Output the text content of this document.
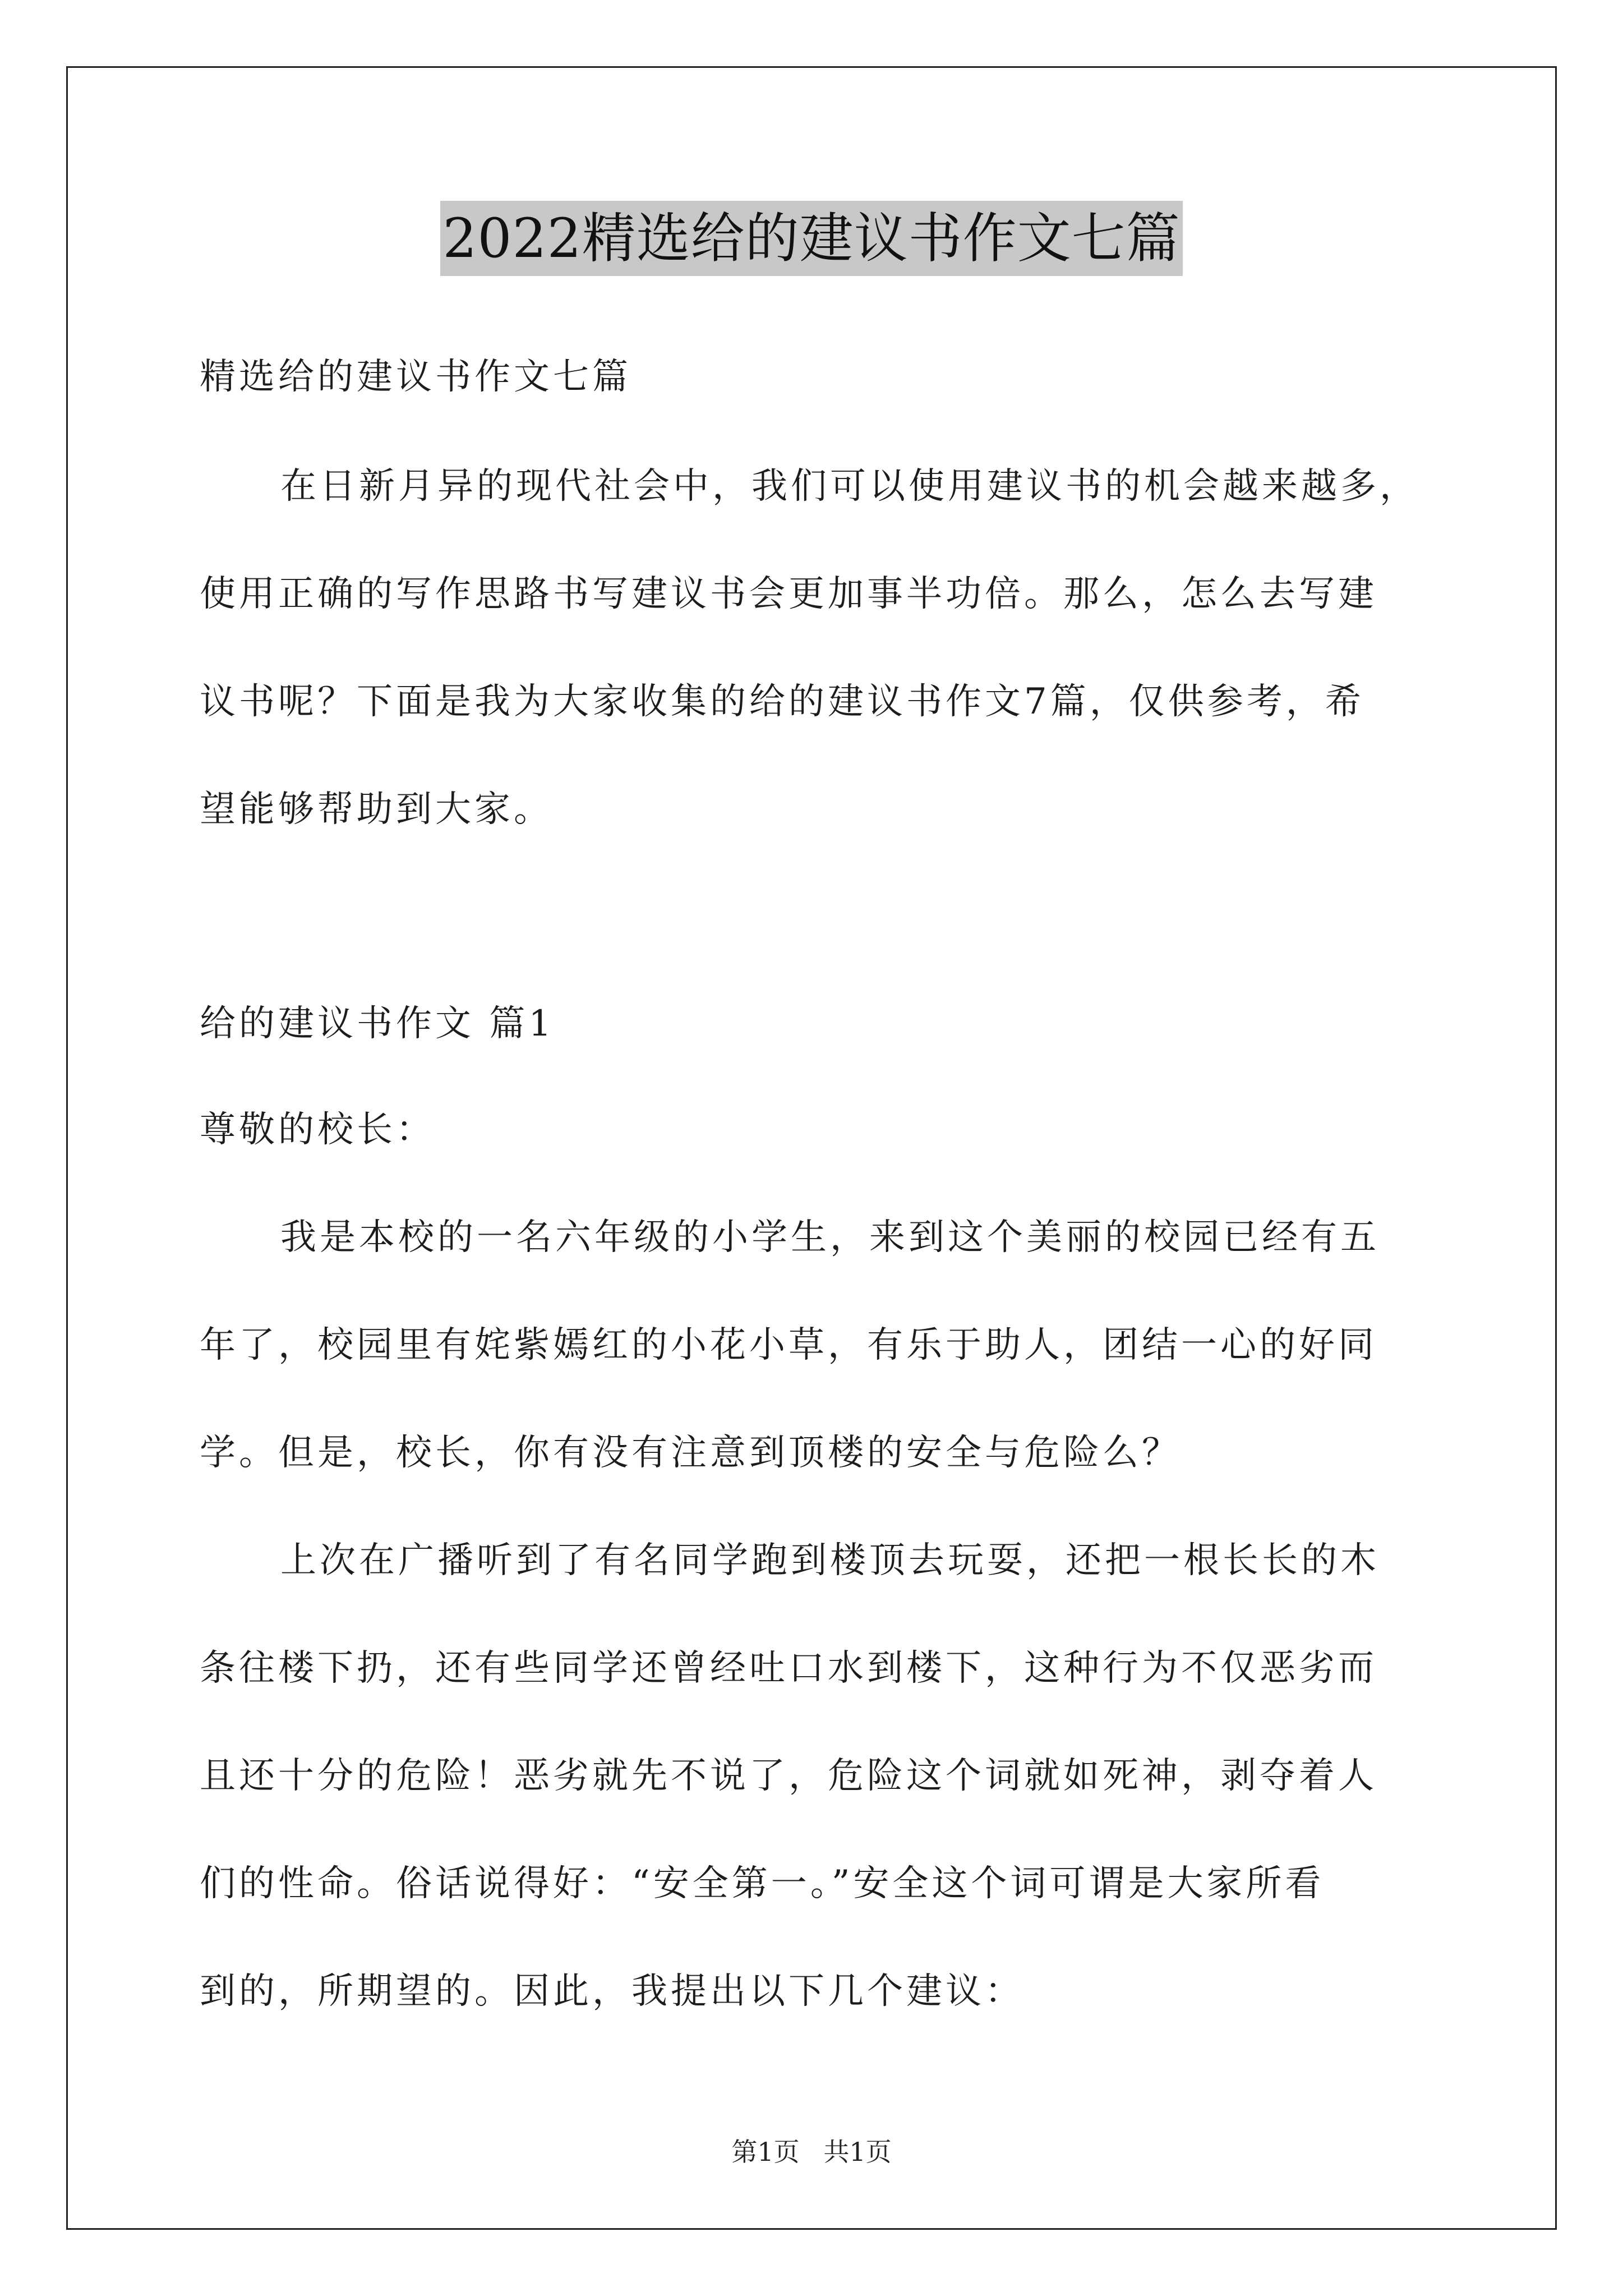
2022精选给的建议书作文七篇
精选给的建议书作文七篇
在日新月异的现代社会中，我们可以使用建议书的机会越来越多，
使用正确的写作思路书写建议书会更加事半功倍。那么，怎么去写建
议书呢？下面是我为大家收集的给的建议书作文7篇，仅供参考，希
望能够帮助到大家。
给的建议书作文 篇1
尊敬的校长：
我是本校的一名六年级的小学生，来到这个美丽的校园已经有五
年了，校园里有姹紫嫣红的小花小草，有乐于助人，团结一心的好同
学。但是，校长，你有没有注意到顶楼的安全与危险么？
上次在广播听到了有名同学跑到楼顶去玩耍，还把一根长长的木
条往楼下扔，还有些同学还曾经吐口水到楼下，这种行为不仅恶劣而
且还十分的危险！恶劣就先不说了，危险这个词就如死神，剥夺着人
们的性命。俗话说得好：“安全第一。”安全这个词可谓是大家所看
到的，所期望的。因此，我提出以下几个建议：
第1页 共1页
